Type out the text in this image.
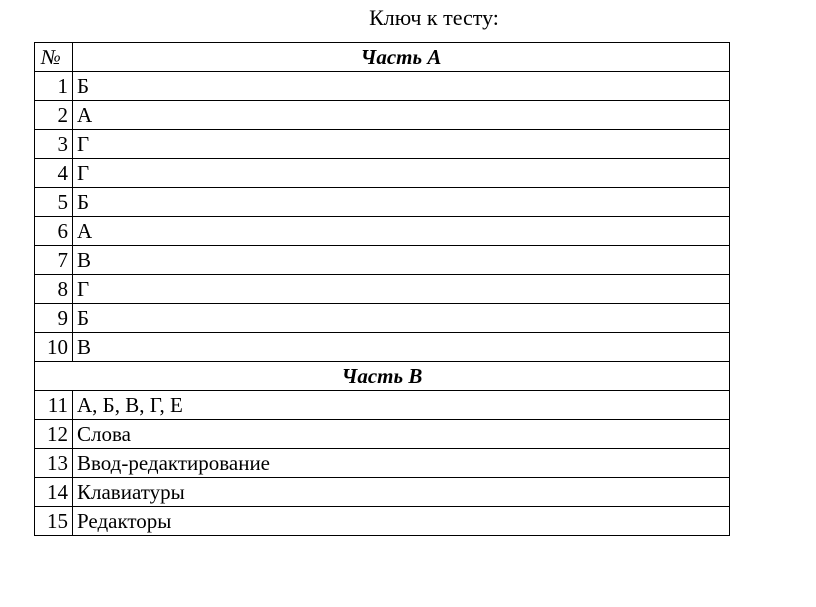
Ключ к тесту:
№	Часть А
1	Б
2	А
3	Г
4	Г
5	Б
6	А
7	В
8	Г
9	Б
10	В
Часть В	
11	А, Б, В, Г, Е
12	Слова
13	Ввод-редактирование
14	Клавиатуры
15	Редакторы
